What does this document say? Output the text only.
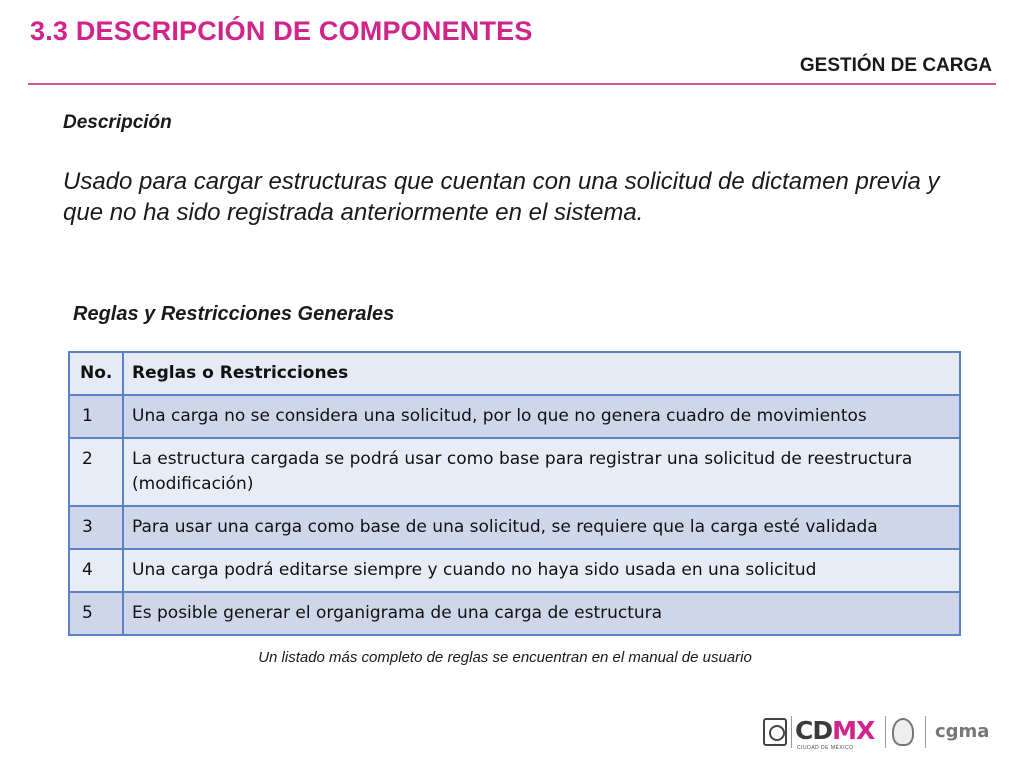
3.3 DESCRIPCIÓN DE COMPONENTES
GESTIÓN DE CARGA
Descripción
Usado para cargar estructuras que cuentan con una solicitud de dictamen previa y que no ha sido registrada anteriormente en el sistema.
Reglas y Restricciones Generales
No.	Reglas o Restricciones
1	Una carga no se considera una solicitud, por lo que no genera cuadro de movimientos
2	La estructura cargada se podrá usar como base para registrar una solicitud de reestructura (modificación)
3	Para usar una carga como base de una solicitud, se requiere que la carga esté validada
4	Una carga podrá editarse siempre y cuando no haya sido usada en una solicitud
5	Es posible generar el organigrama de una carga de estructura
Un listado más completo de reglas se encuentran en el manual de usuario
CDMX
CIUDAD DE MÉXICO
cgma
